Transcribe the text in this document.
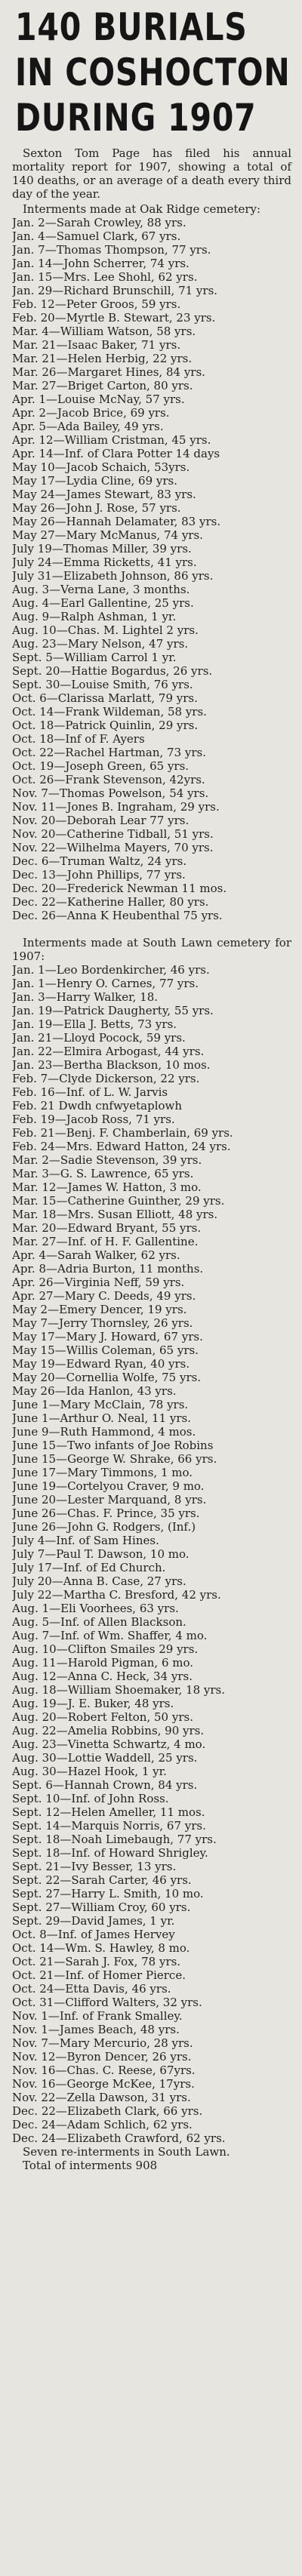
140 BURIALS
IN COSHOCTON
DURING 1907

Sexton Tom Page has filed his annual mortality report for 1907, showing a total of 140 deaths, or an average of a death every third day of the year.

Interments made at Oak Ridge cemetery:

Jan. 2—Sarah Crowley, 88 yrs.
Jan. 4—Samuel Clark, 67 yrs.
Jan. 7—Thomas Thompson, 77 yrs.
Jan. 14—John Scherrer, 74 yrs.
Jan. 15—Mrs. Lee Shohl, 62 yrs.
Jan. 29—Richard Brunschill, 71 yrs.
Feb. 12—Peter Groos, 59 yrs.
Feb. 20—Myrtle B. Stewart, 23 yrs.
Mar. 4—William Watson, 58 yrs.
Mar. 21—Isaac Baker, 71 yrs.
Mar. 21—Helen Herbig, 22 yrs.
Mar. 26—Margaret Hines, 84 yrs.
Mar. 27—Briget Carton, 80 yrs.
Apr. 1—Louise McNay, 57 yrs.
Apr. 2—Jacob Brice, 69 yrs.
Apr. 5—Ada Bailey, 49 yrs.
Apr. 12—William Cristman, 45 yrs.
Apr. 14—Inf. of Clara Potter 14 days
May 10—Jacob Schaich, 53yrs.
May 17—Lydia Cline, 69 yrs.
May 24—James Stewart, 83 yrs.
May 26—John J. Rose, 57 yrs.
May 26—Hannah Delamater, 83 yrs.
May 27—Mary McManus, 74 yrs.
July 19—Thomas Miller, 39 yrs.
July 24—Emma Ricketts, 41 yrs.
July 31—Elizabeth Johnson, 86 yrs.
Aug. 3—Verna Lane, 3 months.
Aug. 4—Earl Gallentine, 25 yrs.
Aug. 9—Ralph Ashman, 1 yr.
Aug. 10—Chas. M. Lightel 2 yrs.
Aug. 23—Mary Nelson, 47 yrs.
Sept. 5—William Carrol 1 yr.
Sept. 20—Hattie Bogardus, 26 yrs.
Sept. 30—Louise Smith, 76 yrs.
Oct. 6—Clarissa Marlatt, 79 yrs.
Oct. 14—Frank Wildeman, 58 yrs.
Oct. 18—Patrick Quinlin, 29 yrs.
Oct. 18—Inf of F. Ayers
Oct. 22—Rachel Hartman, 73 yrs.
Oct. 19—Joseph Green, 65 yrs.
Oct. 26—Frank Stevenson, 42yrs.
Nov. 7—Thomas Powelson, 54 yrs.
Nov. 11—Jones B. Ingraham, 29 yrs.
Nov. 20—Deborah Lear 77 yrs.
Nov. 20—Catherine Tidball, 51 yrs.
Nov. 22—Wilhelma Mayers, 70 yrs.
Dec. 6—Truman Waltz, 24 yrs.
Dec. 13—John Phillips, 77 yrs.
Dec. 20—Frederick Newman 11 mos.
Dec. 22—Katherine Haller, 80 yrs.
Dec. 26—Anna K Heubenthal 75 yrs.

Interments made at South Lawn cemetery for 1907:

Jan. 1—Leo Bordenkircher, 46 yrs.
Jan. 1—Henry O. Carnes, 77 yrs.
Jan. 3—Harry Walker, 18.
Jan. 19—Patrick Daugherty, 55 yrs.
Jan. 19—Ella J. Betts, 73 yrs.
Jan. 21—Lloyd Pocock, 59 yrs.
Jan. 22—Elmira Arbogast, 44 yrs.
Jan. 23—Bertha Blackson, 10 mos.
Feb. 7—Clyde Dickerson, 22 yrs.
Feb. 16—Inf. of L. W. Jarvis
Feb. 21 Dwdh cnfwyetaplowh
Feb. 19—Jacob Ross, 71 yrs.
Feb. 21—Benj. F. Chamberlain, 69 yrs.
Feb. 24—Mrs. Edward Hatton, 24 yrs.
Mar. 2—Sadie Stevenson, 39 yrs.
Mar. 3—G. S. Lawrence, 65 yrs.
Mar. 12—James W. Hatton, 3 mo.
Mar. 15—Catherine Guinther, 29 yrs.
Mar. 18—Mrs. Susan Elliott, 48 yrs.
Mar. 20—Edward Bryant, 55 yrs.
Mar. 27—Inf. of H. F. Gallentine.
Apr. 4—Sarah Walker, 62 yrs.
Apr. 8—Adria Burton, 11 months.
Apr. 26—Virginia Neff, 59 yrs.
Apr. 27—Mary C. Deeds, 49 yrs.
May 2—Emery Dencer, 19 yrs.
May 7—Jerry Thornsley, 26 yrs.
May 17—Mary J. Howard, 67 yrs.
May 15—Willis Coleman, 65 yrs.
May 19—Edward Ryan, 40 yrs.
May 20—Cornellia Wolfe, 75 yrs.
May 26—Ida Hanlon, 43 yrs.
June 1—Mary McClain, 78 yrs.
June 1—Arthur O. Neal, 11 yrs.
June 9—Ruth Hammond, 4 mos.
June 15—Two infants of Joe Robins
June 15—George W. Shrake, 66 yrs.
June 17—Mary Timmons, 1 mo.
June 19—Cortelyou Craver, 9 mo.
June 20—Lester Marquand, 8 yrs.
June 26—Chas. F. Prince, 35 yrs.
June 26—John G. Rodgers, (Inf.)
July 4—Inf. of Sam Hines.
July 7—Paul T. Dawson, 10 mo.
July 17—Inf. of Ed Church.
July 20—Anna B. Case, 27 yrs.
July 22—Martha C. Bresford, 42 yrs.
Aug. 1—Eli Voorhees, 63 yrs.
Aug. 5—Inf. of Allen Blackson.
Aug. 7—Inf. of Wm. Shaffer, 4 mo.
Aug. 10—Clifton Smailes 29 yrs.
Aug. 11—Harold Pigman, 6 mo.
Aug. 12—Anna C. Heck, 34 yrs.
Aug. 18—William Shoemaker, 18 yrs.
Aug. 19—J. E. Buker, 48 yrs.
Aug. 20—Robert Felton, 50 yrs.
Aug. 22—Amelia Robbins, 90 yrs.
Aug. 23—Vinetta Schwartz, 4 mo.
Aug. 30—Lottie Waddell, 25 yrs.
Aug. 30—Hazel Hook, 1 yr.
Sept. 6—Hannah Crown, 84 yrs.
Sept. 10—Inf. of John Ross.
Sept. 12—Helen Ameller, 11 mos.
Sept. 14—Marquis Norris, 67 yrs.
Sept. 18—Noah Limebaugh, 77 yrs.
Sept. 18—Inf. of Howard Shrigley.
Sept. 21—Ivy Besser, 13 yrs.
Sept. 22—Sarah Carter, 46 yrs.
Sept. 27—Harry L. Smith, 10 mo.
Sept. 27—William Croy, 60 yrs.
Sept. 29—David James, 1 yr.
Oct. 8—Inf. of James Hervey
Oct. 14—Wm. S. Hawley, 8 mo.
Oct. 21—Sarah J. Fox, 78 yrs.
Oct. 21—Inf. of Homer Pierce.
Oct. 24—Etta Davis, 46 yrs.
Oct. 31—Clifford Walters, 32 yrs.
Nov. 1—Inf. of Frank Smalley.
Nov. 1—James Beach, 48 yrs.
Nov. 7—Mary Mercurio, 28 yrs.
Nov. 12—Byron Dencer, 26 yrs.
Nov. 16—Chas. C. Reese, 67yrs.
Nov. 16—George McKee, 17yrs.
Nov. 22—Zella Dawson, 31 yrs.
Dec. 22—Elizabeth Clark, 66 yrs.
Dec. 24—Adam Schlich, 62 yrs.
Dec. 24—Elizabeth Crawford, 62 yrs.

Seven re-interments in South Lawn.

Total of interments 908
